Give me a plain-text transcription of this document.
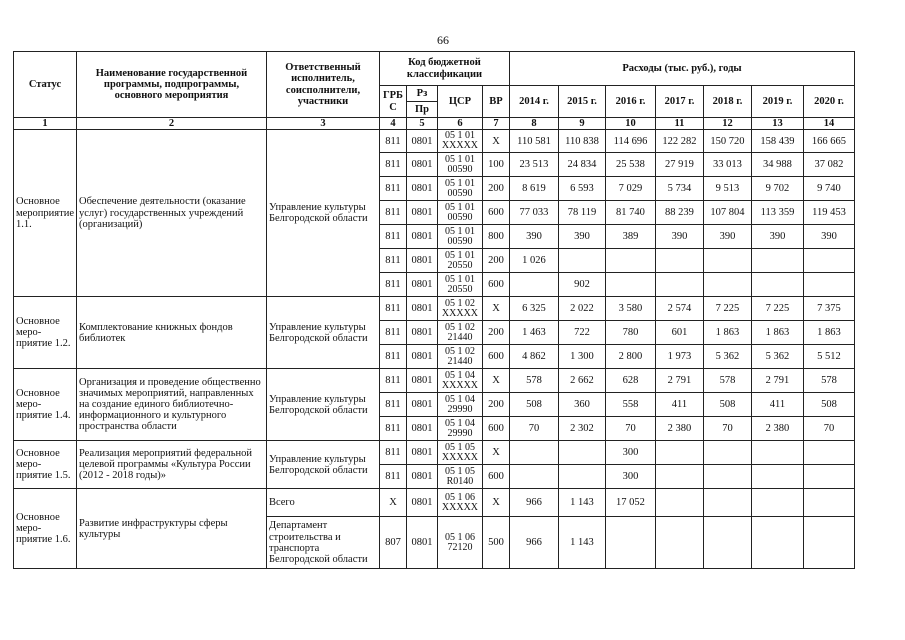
66
Статус	Наименование государственной программы, подпрограммы, основного мероприятия	Ответственный исполнитель, соисполнители, участники	Код бюджетной классификации				Расходы (тыс. руб.), годы						
			ГРБ С	Рз	ЦСР	ВР	2014 г.	2015 г.	2016 г.	2017 г.	2018 г.	2019 г.	2020 г.
				Пр									
1	2	3	4	5	6	7	8	9	10	11	12	13	14
Основное мероприятие 1.1.	Обеспечение деятельности (оказание услуг) государственных учреждений (организаций)	Управление культуры Белгородской области	811	0801	05 1 01 XXXXX	X	110 581	110 838	114 696	122 282	150 720	158 439	166 665
			811	0801	05 1 01 00590	100	23 513	24 834	25 538	27 919	33 013	34 988	37 082
			811	0801	05 1 01 00590	200	8 619	6 593	7 029	5 734	9 513	9 702	9 740
			811	0801	05 1 01 00590	600	77 033	78 119	81 740	88 239	107 804	113 359	119 453
			811	0801	05 1 01 00590	800	390	390	389	390	390	390	390
			811	0801	05 1 01 20550	200	1 026						
			811	0801	05 1 01 20550	600		902					
Основное меро- приятие 1.2.	Комплектование книжных фондов библиотек	Управление культуры Белгородской области	811	0801	05 1 02 XXXXX	X	6 325	2 022	3 580	2 574	7 225	7 225	7 375
			811	0801	05 1 02 21440	200	1 463	722	780	601	1 863	1 863	1 863
			811	0801	05 1 02 21440	600	4 862	1 300	2 800	1 973	5 362	5 362	5 512
Основное меро- приятие 1.4.	Организация и проведение общественно значимых мероприятий, направленных на создание единого библиотечно-информационного и культурного пространства области	Управление культуры Белгородской области	811	0801	05 1 04 XXXXX	X	578	2 662	628	2 791	578	2 791	578
			811	0801	05 1 04 29990	200	508	360	558	411	508	411	508
			811	0801	05 1 04 29990	600	70	2 302	70	2 380	70	2 380	70
Основное меро- приятие 1.5.	Реализация мероприятий федеральной целевой программы «Культура России (2012 - 2018 годы)»	Управление культуры Белгородской области	811	0801	05 1 05 XXXXX	X			300				
			811	0801	05 1 05 R0140	600			300				
Основное меро- приятие 1.6.	Развитие инфраструктуры сферы культуры	Всего	X	0801	05 1 06 XXXXX	X	966	1 143	17 052				
		Департамент строительства и транспорта Белгородской области	807	0801	05 1 06 72120	500	966	1 143					
